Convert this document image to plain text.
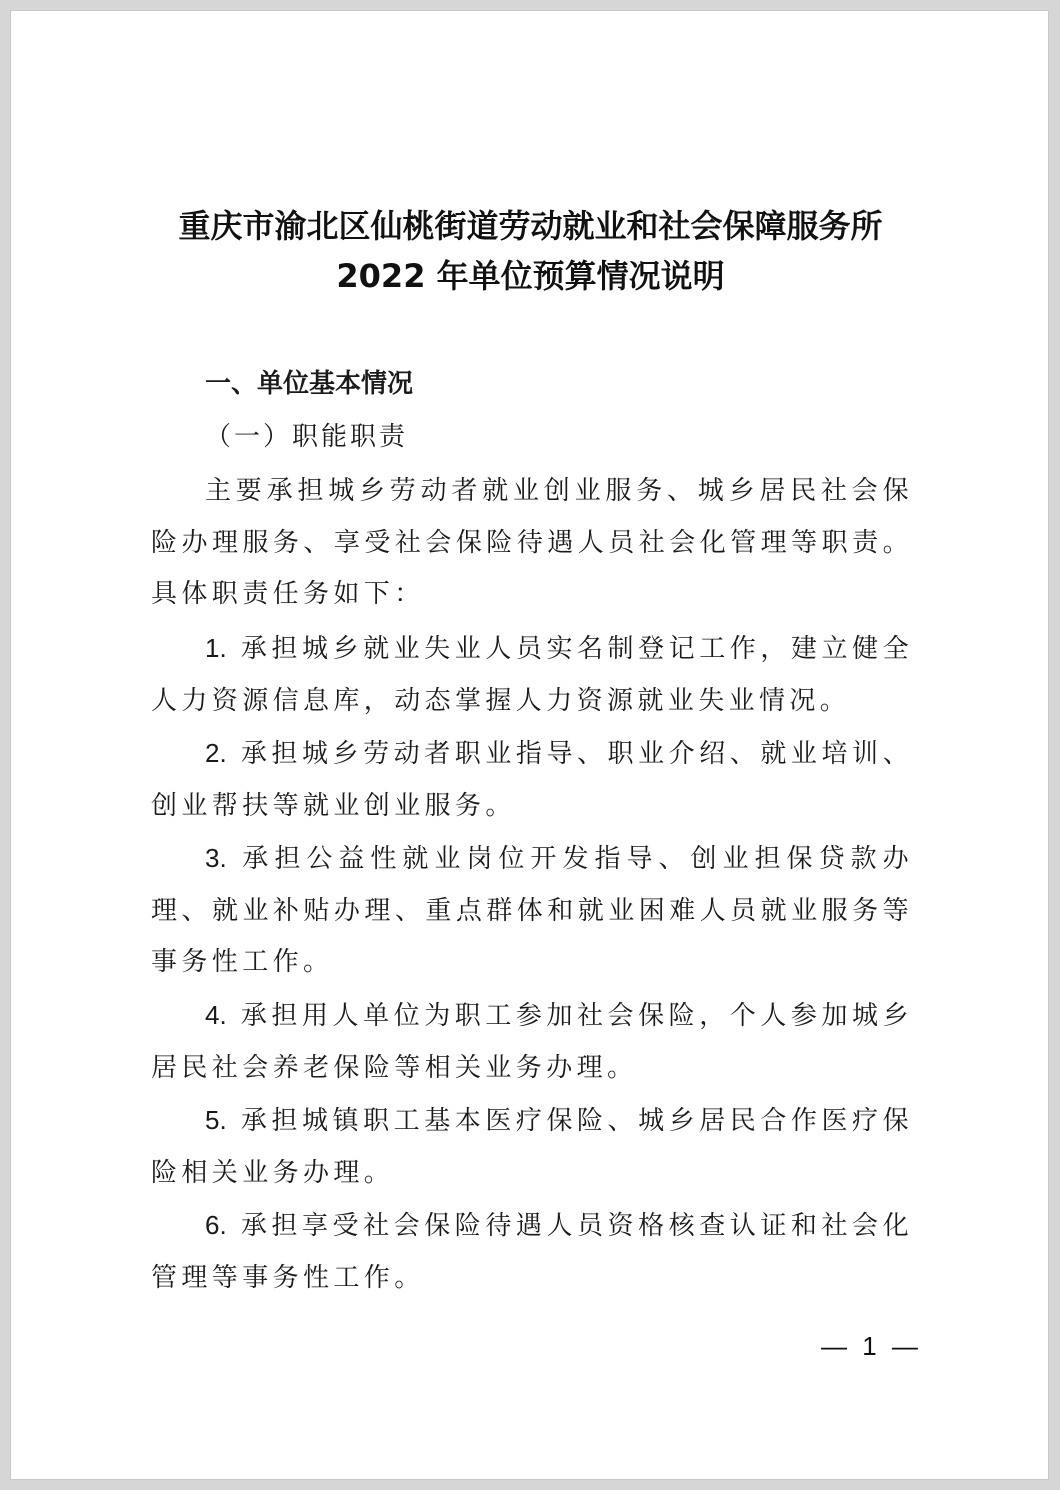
重庆市渝北区仙桃街道劳动就业和社会保障服务所
2022 年单位预算情况说明
一、单位基本情况
（一）职能职责

主要承担城乡劳动者就业创业服务、城乡居民社会保险办理服务、享受社会保险待遇人员社会化管理等职责。具体职责任务如下：

1. 承担城乡就业失业人员实名制登记工作，建立健全人力资源信息库，动态掌握人力资源就业失业情况。

2. 承担城乡劳动者职业指导、职业介绍、就业培训、创业帮扶等就业创业服务。

3. 承担公益性就业岗位开发指导、创业担保贷款办理、就业补贴办理、重点群体和就业困难人员就业服务等事务性工作。

4. 承担用人单位为职工参加社会保险，个人参加城乡居民社会养老保险等相关业务办理。

5. 承担城镇职工基本医疗保险、城乡居民合作医疗保险相关业务办理。

6. 承担享受社会保险待遇人员资格核查认证和社会化管理等事务性工作。

— 1 —
